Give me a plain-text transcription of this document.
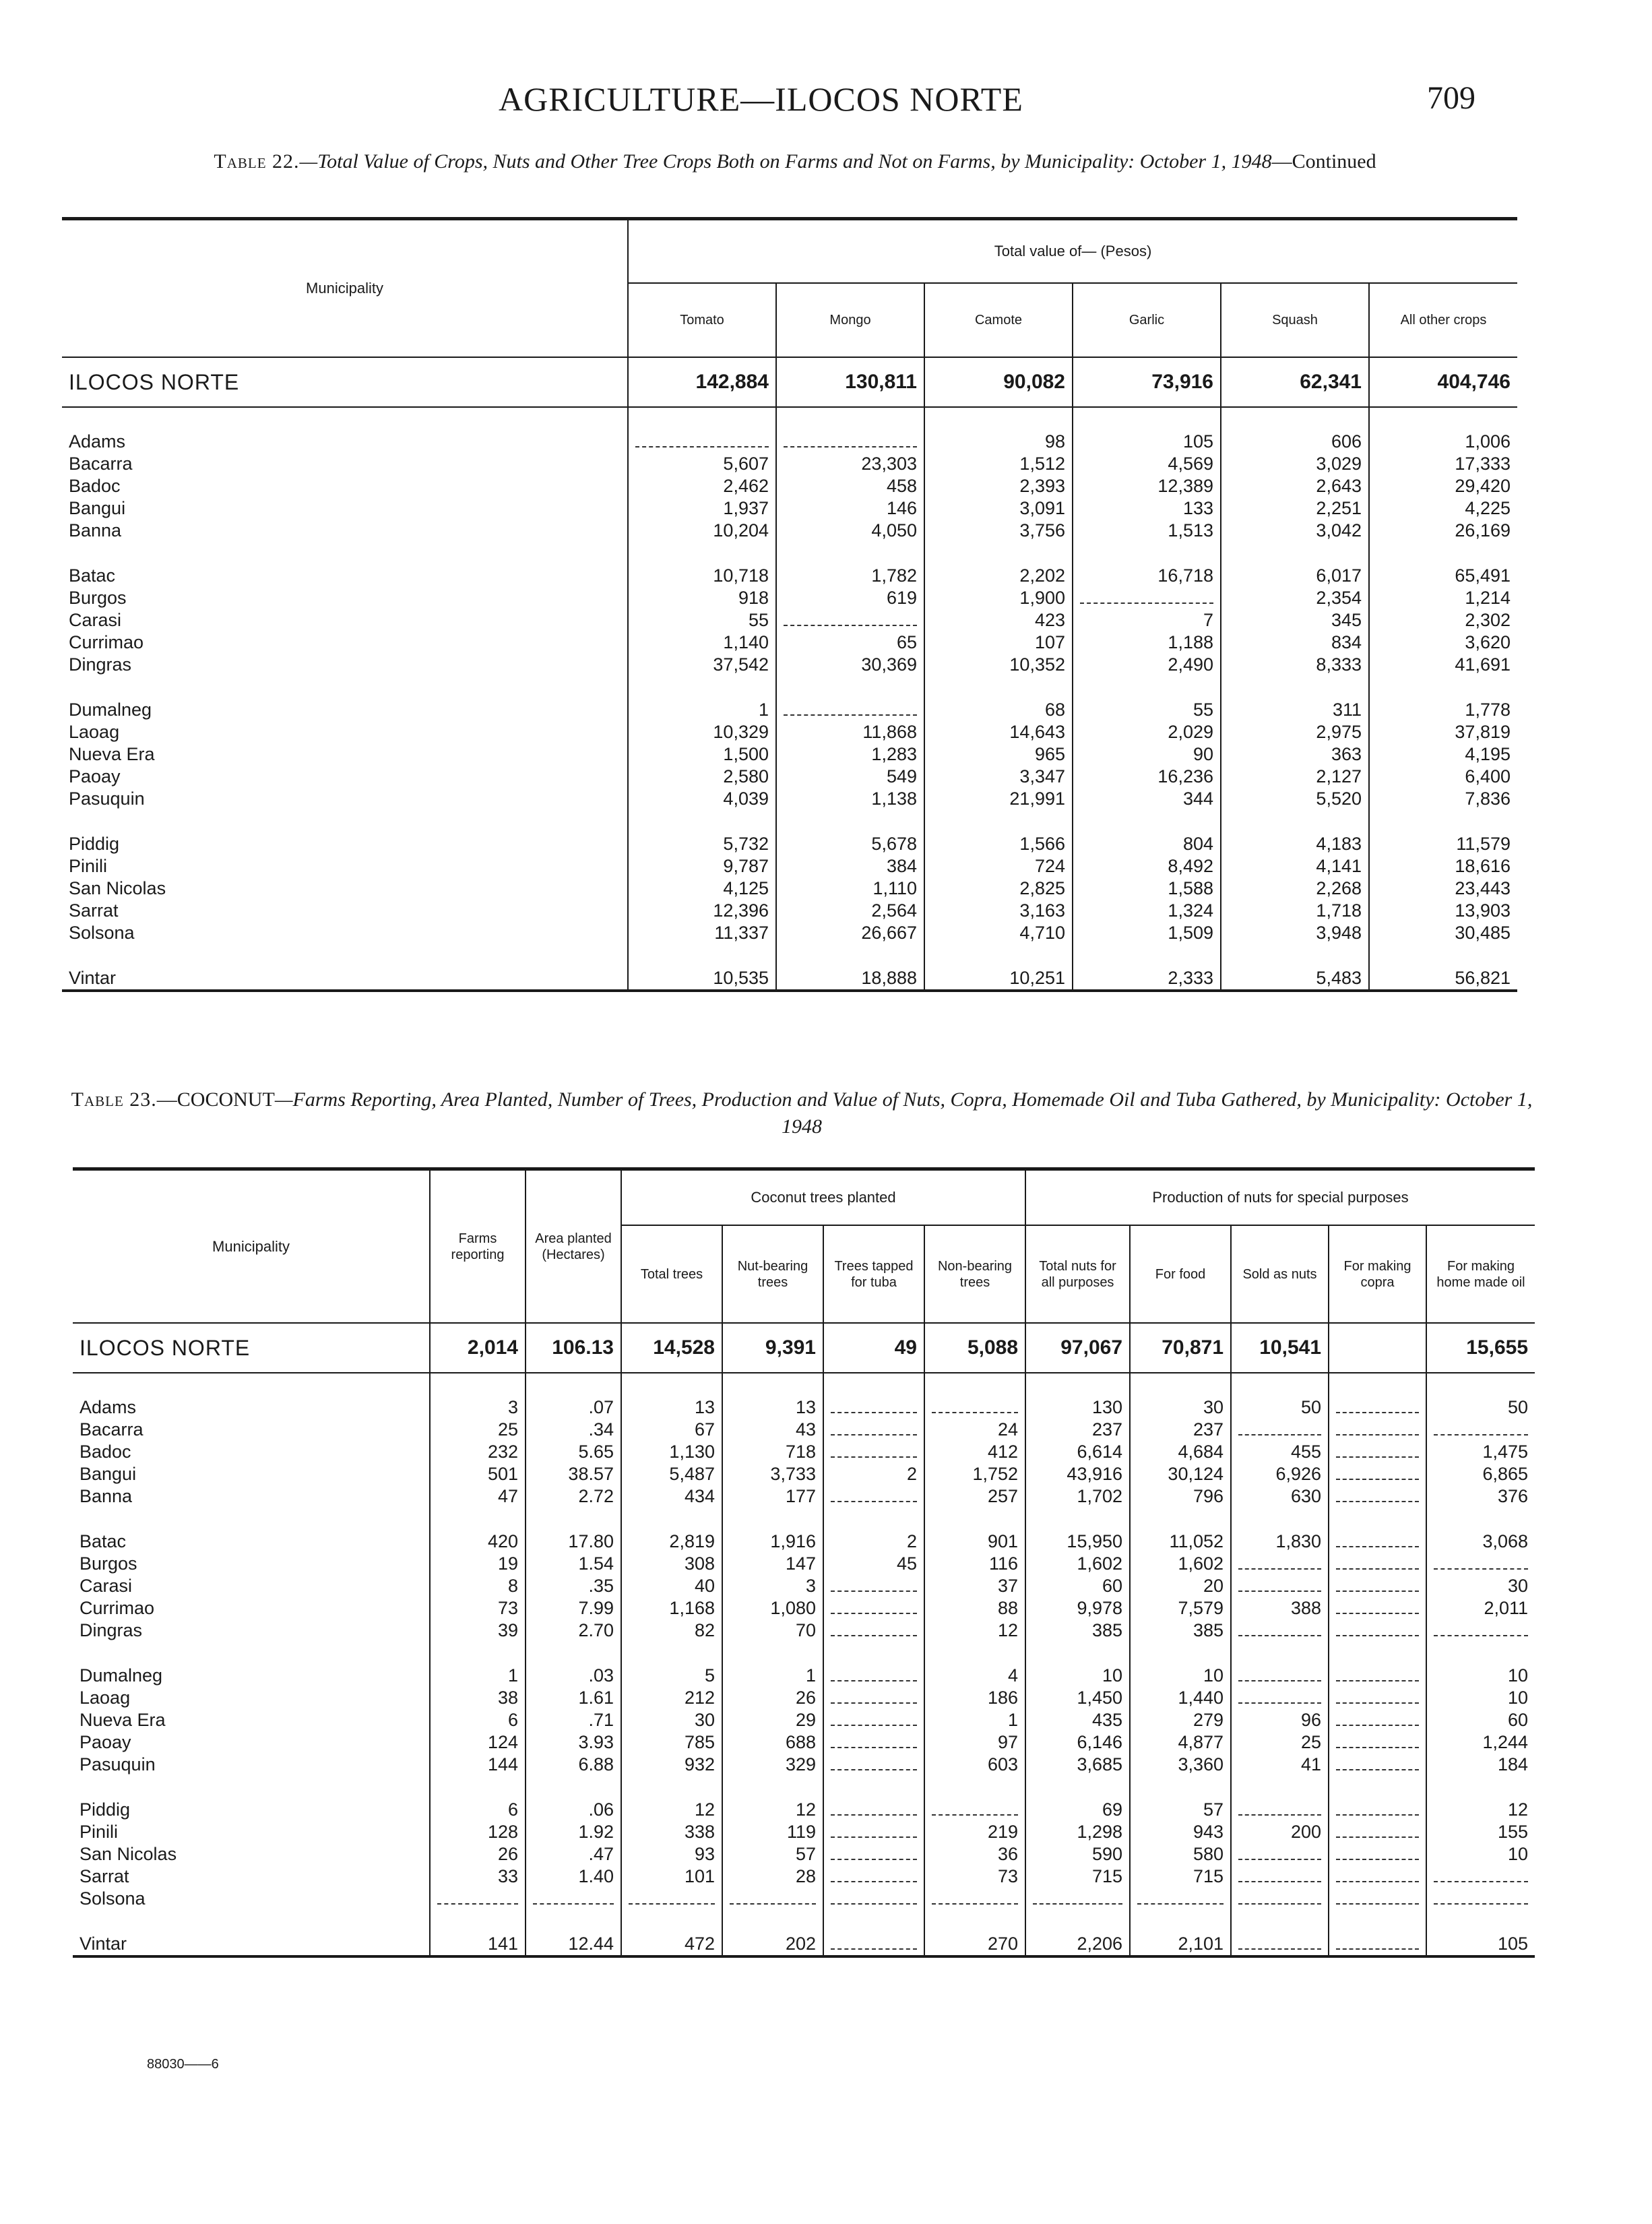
AGRICULTURE—ILOCOS NORTE	709
Table 22.—Total Value of Crops, Nuts and Other Tree Crops Both on Farms and Not on Farms, by Municipality: October 1, 1948—Continued
Municipality	Total value of— (Pesos)					
	Tomato	Mongo	Camote	Garlic	Squash	All other crops
ILOCOS NORTE	142,884	130,811	90,082	73,916	62,341	404,746

Adams			98	105	606	1,006
Bacarra	5,607	23,303	1,512	4,569	3,029	17,333
Badoc	2,462	458	2,393	12,389	2,643	29,420
Bangui	1,937	146	3,091	133	2,251	4,225
Banna	10,204	4,050	3,756	1,513	3,042	26,169

Batac	10,718	1,782	2,202	16,718	6,017	65,491
Burgos	918	619	1,900		2,354	1,214
Carasi	55		423	7	345	2,302
Currimao	1,140	65	107	1,188	834	3,620
Dingras	37,542	30,369	10,352	2,490	8,333	41,691

Dumalneg	1		68	55	311	1,778
Laoag	10,329	11,868	14,643	2,029	2,975	37,819
Nueva Era	1,500	1,283	965	90	363	4,195
Paoay	2,580	549	3,347	16,236	2,127	6,400
Pasuquin	4,039	1,138	21,991	344	5,520	7,836

Piddig	5,732	5,678	1,566	804	4,183	11,579
Pinili	9,787	384	724	8,492	4,141	18,616
San Nicolas	4,125	1,110	2,825	1,588	2,268	23,443
Sarrat	12,396	2,564	3,163	1,324	1,718	13,903
Solsona	11,337	26,667	4,710	1,509	3,948	30,485

Vintar	10,535	18,888	10,251	2,333	5,483	56,821
Table 23.—COCONUT—Farms Reporting, Area Planted, Number of Trees, Production and Value of Nuts, Copra, Homemade Oil and Tuba Gathered, by Municipality: October 1, 1948
Municipality	Farms reporting	Area planted (Hectares)	Coconut trees planted				Production of nuts for special purposes				
			Total trees	Nut-bearing trees	Trees tapped for tuba	Non-bearing trees	Total nuts for all purposes	For food	Sold as nuts	For making copra	For making home made oil
ILOCOS NORTE	2,014	106.13	14,528	9,391	49	5,088	97,067	70,871	10,541		15,655

Adams	3	.07	13	13			130	30	50		50
Bacarra	25	.34	67	43		24	237	237			
Badoc	232	5.65	1,130	718		412	6,614	4,684	455		1,475
Bangui	501	38.57	5,487	3,733	2	1,752	43,916	30,124	6,926		6,865
Banna	47	2.72	434	177		257	1,702	796	630		376

Batac	420	17.80	2,819	1,916	2	901	15,950	11,052	1,830		3,068
Burgos	19	1.54	308	147	45	116	1,602	1,602			
Carasi	8	.35	40	3		37	60	20			30
Currimao	73	7.99	1,168	1,080		88	9,978	7,579	388		2,011
Dingras	39	2.70	82	70		12	385	385			

Dumalneg	1	.03	5	1		4	10	10			10
Laoag	38	1.61	212	26		186	1,450	1,440			10
Nueva Era	6	.71	30	29		1	435	279	96		60
Paoay	124	3.93	785	688		97	6,146	4,877	25		1,244
Pasuquin	144	6.88	932	329		603	3,685	3,360	41		184

Piddig	6	.06	12	12			69	57			12
Pinili	128	1.92	338	119		219	1,298	943	200		155
San Nicolas	26	.47	93	57		36	590	580			10
Sarrat	33	1.40	101	28		73	715	715			
Solsona											

Vintar	141	12.44	472	202		270	2,206	2,101			105
88030——6
